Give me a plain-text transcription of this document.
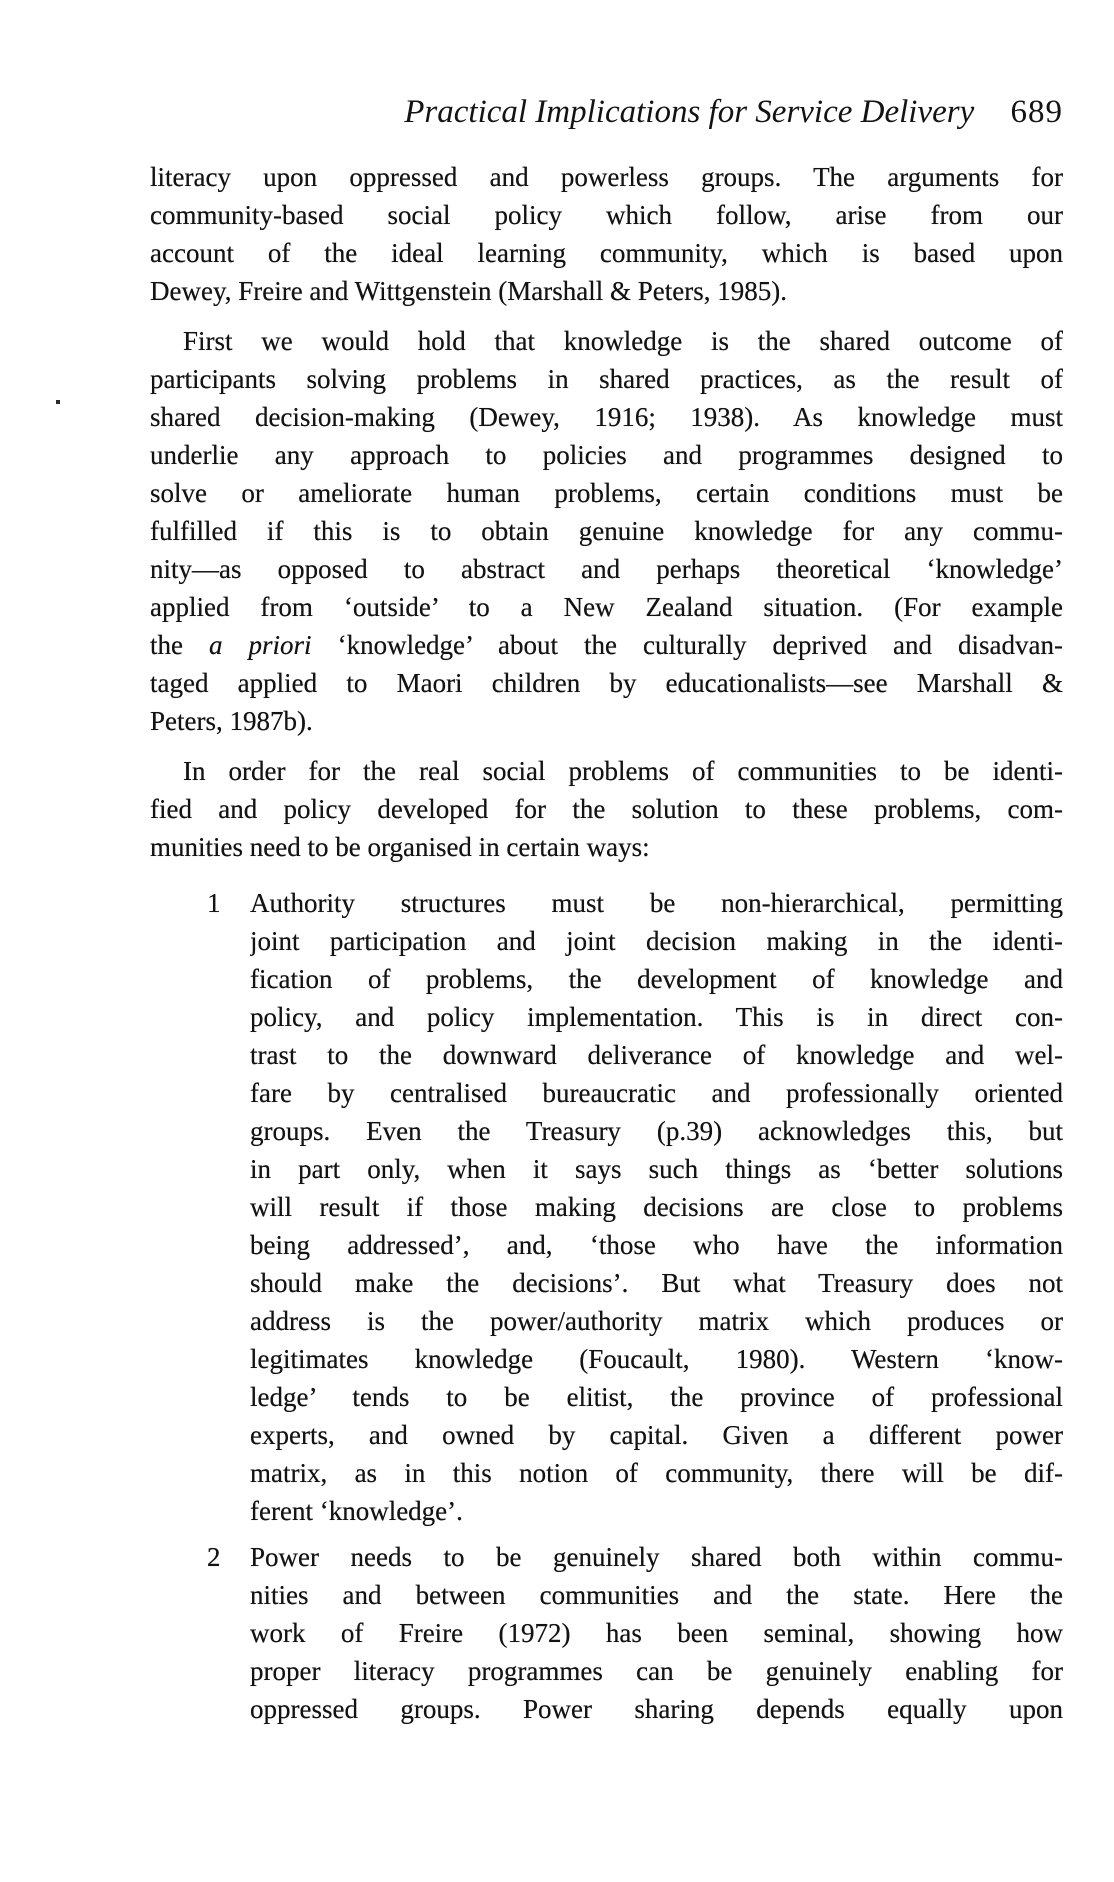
Practical Implications for Service Delivery 689
literacy upon oppressed and powerless groups. The arguments for
community-based social policy which follow, arise from our
account of the ideal learning community, which is based upon
Dewey, Freire and Wittgenstein (Marshall & Peters, 1985).
First we would hold that knowledge is the shared outcome of
participants solving problems in shared practices, as the result of
shared decision-making (Dewey, 1916; 1938). As knowledge must
underlie any approach to policies and programmes designed to
solve or ameliorate human problems, certain conditions must be
fulfilled if this is to obtain genuine knowledge for any commu-
nity—as opposed to abstract and perhaps theoretical ‘knowledge’
applied from ‘outside’ to a New Zealand situation. (For example
the a priori ‘knowledge’ about the culturally deprived and disadvan-
taged applied to Maori children by educationalists—see Marshall &
Peters, 1987b).
In order for the real social problems of communities to be identi-
fied and policy developed for the solution to these problems, com-
munities need to be organised in certain ways:
1	Authority structures must be non-hierarchical, permitting
joint participation and joint decision making in the identi-
fication of problems, the development of knowledge and
policy, and policy implementation. This is in direct con-
trast to the downward deliverance of knowledge and wel-
fare by centralised bureaucratic and professionally oriented
groups. Even the Treasury (p.39) acknowledges this, but
in part only, when it says such things as ‘better solutions
will result if those making decisions are close to problems
being addressed’, and, ‘those who have the information
should make the decisions’. But what Treasury does not
address is the power/authority matrix which produces or
legitimates knowledge (Foucault, 1980). Western ‘know-
ledge’ tends to be elitist, the province of professional
experts, and owned by capital. Given a different power
matrix, as in this notion of community, there will be dif-
ferent ‘knowledge’.
2	Power needs to be genuinely shared both within commu-
nities and between communities and the state. Here the
work of Freire (1972) has been seminal, showing how
proper literacy programmes can be genuinely enabling for
oppressed groups. Power sharing depends equally upon
